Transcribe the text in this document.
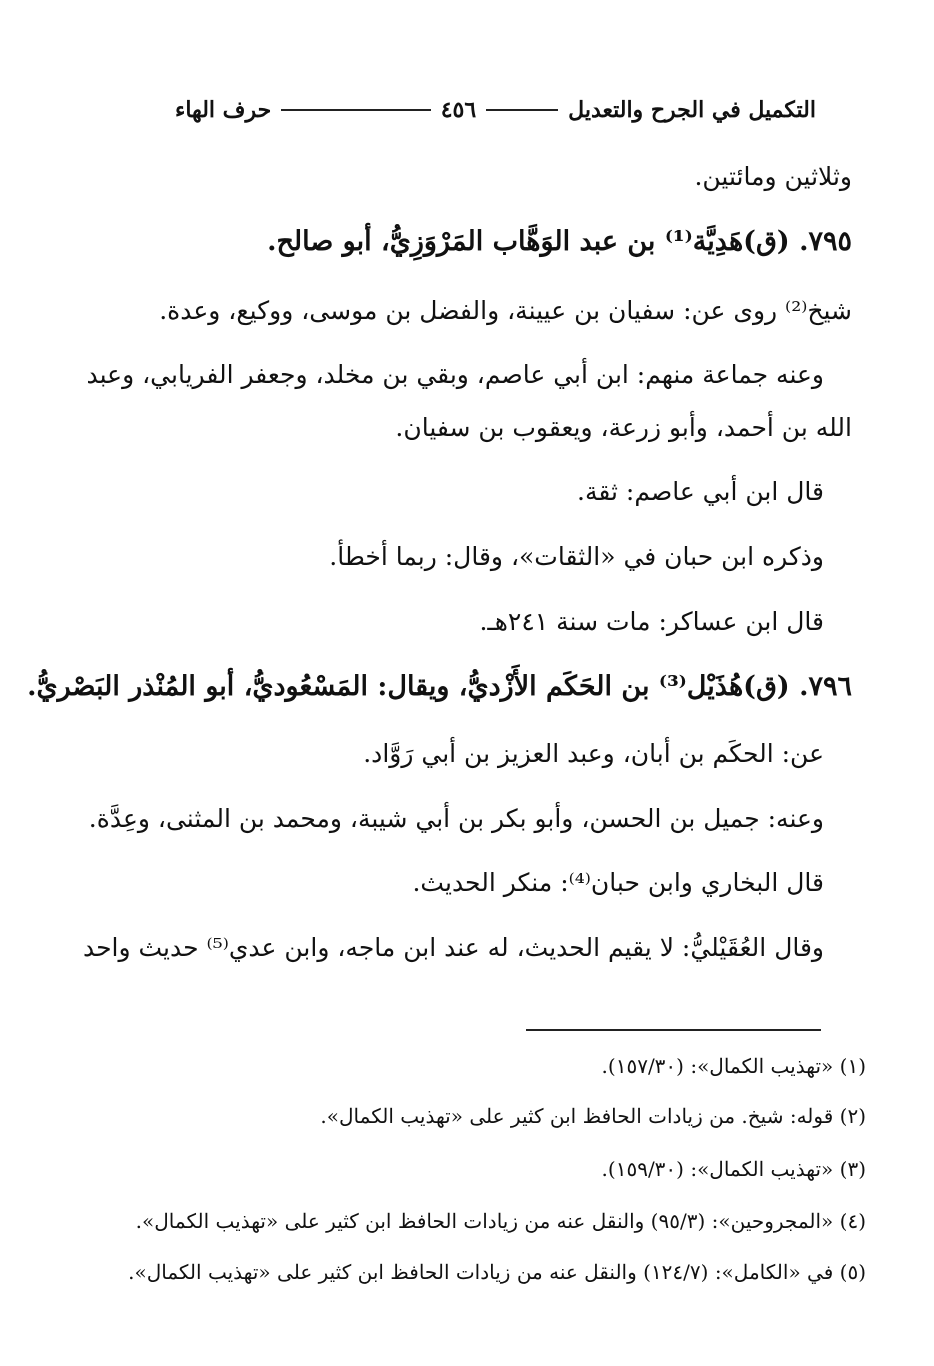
التكميل في الجرح والتعديل
٤٥٦
حرف الهاء
وثلاثين ومائتين.
٧٩٥. (ق)هَدِيَّة⁽¹⁾ بن عبد الوَهَّاب المَرْوَزِيُّ، أبو صالح.
شيخ⁽²⁾ روى عن: سفيان بن عيينة، والفضل بن موسى، ووكيع، وعدة.
وعنه جماعة منهم: ابن أبي عاصم، وبقي بن مخلد، وجعفر الفريابي، وعبد
الله بن أحمد، وأبو زرعة، ويعقوب بن سفيان.
قال ابن أبي عاصم: ثقة.
وذكره ابن حبان في «الثقات»، وقال: ربما أخطأ.
قال ابن عساكر: مات سنة ٢٤١هـ.
٧٩٦. (ق)هُذَيْل⁽³⁾ بن الحَكَم الأَزْديُّ، ويقال: المَسْعُوديُّ، أبو المُنْذر البَصْريُّ.
عن: الحكَم بن أبان، وعبد العزيز بن أبي رَوَّاد.
وعنه: جميل بن الحسن، وأبو بكر بن أبي شيبة، ومحمد بن المثنى، وعِدَّة.
قال البخاري وابن حبان⁽⁴⁾: منكر الحديث.
وقال العُقَيْليُّ: لا يقيم الحديث، له عند ابن ماجه، وابن عدي⁽⁵⁾ حديث واحد
(١) «تهذيب الكمال»: (١٥٧/٣٠).
(٢) قوله: شيخ. من زيادات الحافظ ابن كثير على «تهذيب الكمال».
(٣) «تهذيب الكمال»: (١٥٩/٣٠).
(٤) «المجروحين»: (٩٥/٣) والنقل عنه من زيادات الحافظ ابن كثير على «تهذيب الكمال».
(٥) في «الكامل»: (١٢٤/٧) والنقل عنه من زيادات الحافظ ابن كثير على «تهذيب الكمال».
